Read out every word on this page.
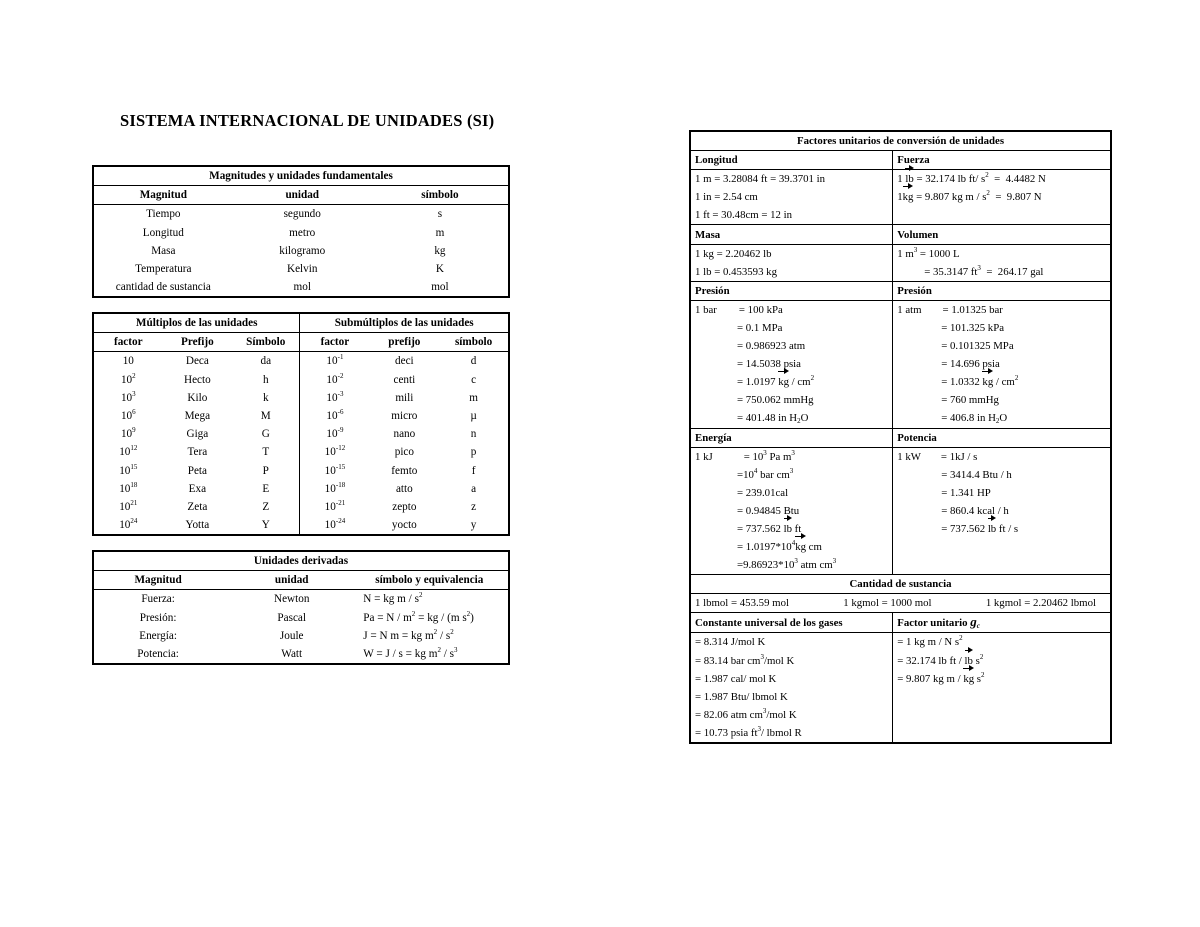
SISTEMA INTERNACIONAL DE UNIDADES (SI)
Magnitudes y unidades fundamentales		
Magnitud	unidad	símbolo
Tiempo	segundo	s
Longitud	metro	m
Masa	kilogramo	kg
Temperatura	Kelvin	K
cantidad de sustancia	mol	mol
Múltiplos de las unidades			Submúltiplos de las unidades		
factor	Prefijo	Símbolo	factor	prefijo	símbolo
10	Deca	da	$10^{-1}$	deci	d
$10^2$	Hecto	h	$10^{-2}$	centi	c
$10^3$	Kilo	k	$10^{-3}$	mili	m
$10^6$	Mega	M	$10^{-6}$	micro	µ
$10^9$	Giga	G	$10^{-9}$	nano	n
$10^{12}$	Tera	T	$10^{-12}$	pico	p
$10^{15}$	Peta	P	$10^{-15}$	femto	f
$10^{18}$	Exa	E	$10^{-18}$	atto	a
$10^{21}$	Zeta	Z	$10^{-21}$	zepto	z
$10^{24}$	Yotta	Y	$10^{-24}$	yocto	y
Unidades derivadas		
Magnitud	unidad	símbolo y equivalencia
Fuerza:	Newton	N = kg m / $s^2$
Presión:	Pascal	$Pa = N / m^2$ = kg / (m $s^2$)
Energía:	Joule	J = N m = kg $m^2 / s^2$
Potencia:	Watt	W = J / s = kg $m^2 / s^3$
Factores unitarios de conversión de unidades	
Longitud	Fuerza
1 m = 3.28084 ft = 39.3701 in	1 lb = 32.174 lb ft/ $s^2 = 4.4482$ N
1 in = 2.54 cm	1kg = 9.807 kg $m / s^2 = 9.807$ N
1 ft = 30.48cm = 12 in	
Masa	Volumen
1 kg = 2.20462 lb	1 $m^3 = 1000$ L
1 lb = 0.453593 kg	= 35.3147 $ft^3 = 264.17$ gal
Presión	Presión
1 bar = 100 kPa	1 atm = 1.01325 bar

= 0.1 MPa	= 101.325 kPa
= 0.986923 atm	= 0.101325 MPa
= 14.5038 psia	= 14.696 psia
= 1.0197 kg / $cm^2$	= 1.0332 kg / $cm^2$
= 750.062 mmHg	= 760 mmHg
= 401.48 in $H_2O$	= 406.8 in $H_2O$
Energía	Potencia
1 kJ = $10^3$ Pa $m^3$	1 kW = 1kJ / s

$=10^4$ bar $cm^3$	= 3414.4 Btu / h
= 239.01cal	= 1.341 HP
= 0.94845 Btu	= 860.4 kcal / h
= 737.562 lb ft	= 737.562 lb ft / s
= $1.0197*10^4kg$ cm	
$=9.86923*10^3$ atm $cm^3$	
Cantidad de sustancia	

1 lbmol = 453.59 mol 1 kgmol = 1000 mol 1 kgmol = 2.20462 lbmol	

Constante universal de los gases	Factor unitario $g_c$
= 8.314 J/mol K	= 1 kg m / N $s^2$
= 83.14 bar $cm^3$/mol K	= 32.174 lb ft / lb $s^2$
= 1.987 cal/ mol K	= 9.807 kg m / kg $s^2$
= 1.987 Btu/ lbmol K	
= 82.06 atm $cm^3$/mol K	
= 10.73 psia $ft^3/$ lbmol R	
